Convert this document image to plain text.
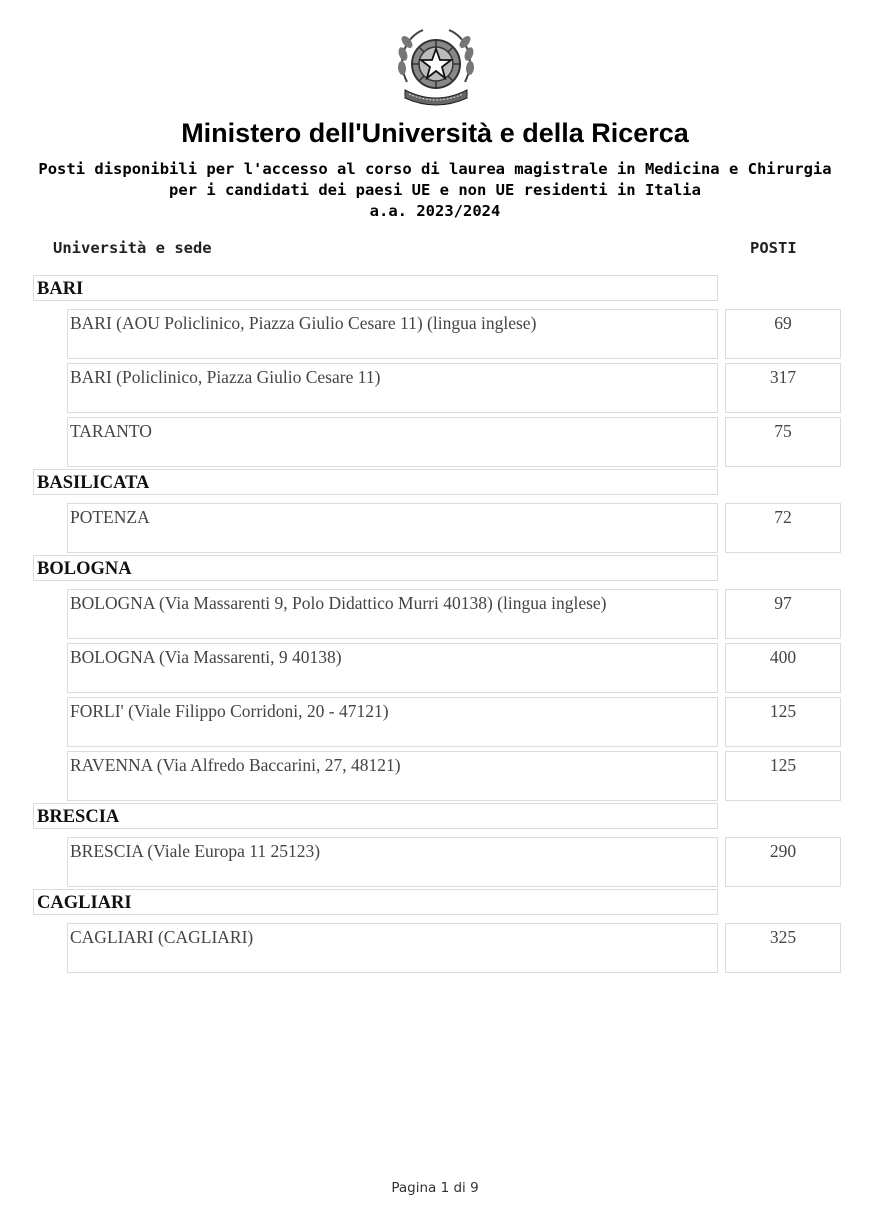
Ministero dell'Università e della Ricerca
Posti disponibili per l'accesso al corso di laurea magistrale in Medicina e Chirurgia
per i candidati dei paesi UE e non UE residenti in Italia
a.a. 2023/2024
Università e sede	POSTI
BARI
BARI (AOU Policlinico, Piazza Giulio Cesare 11) (lingua inglese)	69
BARI (Policlinico, Piazza Giulio Cesare 11)	317
TARANTO	75
BASILICATA
POTENZA	72
BOLOGNA
BOLOGNA (Via Massarenti 9, Polo Didattico Murri 40138) (lingua inglese)	97
BOLOGNA (Via Massarenti, 9 40138)	400
FORLI' (Viale Filippo Corridoni, 20 - 47121)	125
RAVENNA (Via Alfredo Baccarini, 27, 48121)	125
BRESCIA
BRESCIA (Viale Europa 11 25123)	290
CAGLIARI
CAGLIARI (CAGLIARI)	325
Pagina 1 di 9
